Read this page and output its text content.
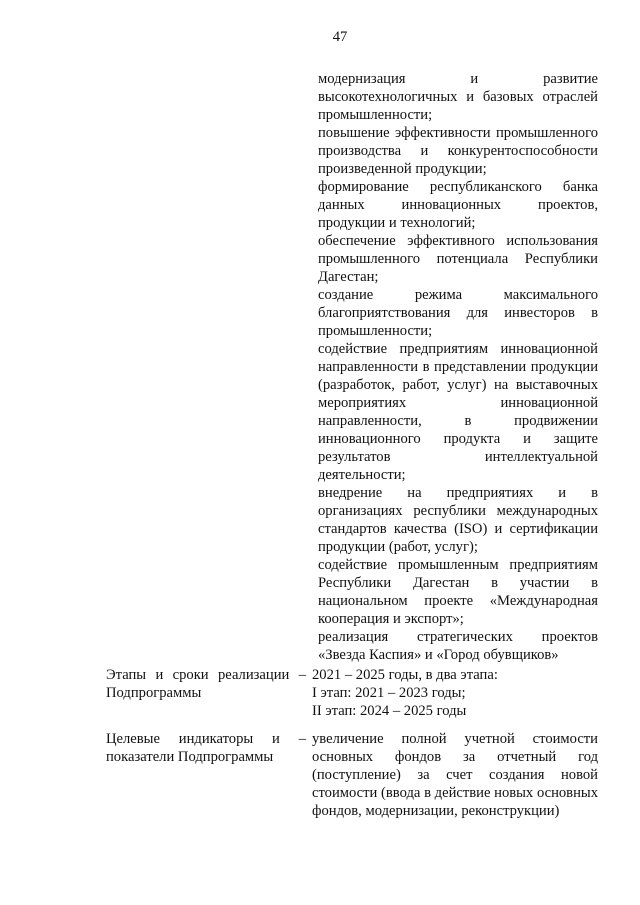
47

модернизация и развитие высокотехнологичных и базовых отраслей промышленности;

повышение эффективности промышленного производства и конкурентоспособности произведенной продукции;

формирование республиканского банка данных инновационных проектов, продукции и технологий;

обеспечение эффективного использования промышленного потенциала Республики Дагестан;

создание режима максимального благоприятствования для инвесторов в промышленности;

содействие предприятиям инновационной направленности в представлении продукции (разработок, работ, услуг) на выставочных мероприятиях инновационной направленности, в продвижении инновационного продукта и защите результатов интеллектуальной деятельности;

внедрение на предприятиях и в организациях республики международных стандартов качества (ISO) и сертификации продукции (работ, услуг);

содействие промышленным предприятиям Республики Дагестан в участии в национальном проекте «Международная кооперация и экспорт»;

реализация стратегических проектов «Звезда Каспия» и «Город обувщиков»

Этапы и сроки реализации – Подпрограммы
2021 – 2025 годы, в два этапа:
I этап: 2021 – 2023 годы;
II этап: 2024 – 2025 годы
Целевые индикаторы и – показатели Подпрограммы
увеличение полной учетной стоимости основных фондов за отчетный год (поступление) за счет создания новой стоимости (ввода в действие новых основных фондов, модернизации, реконструкции)
